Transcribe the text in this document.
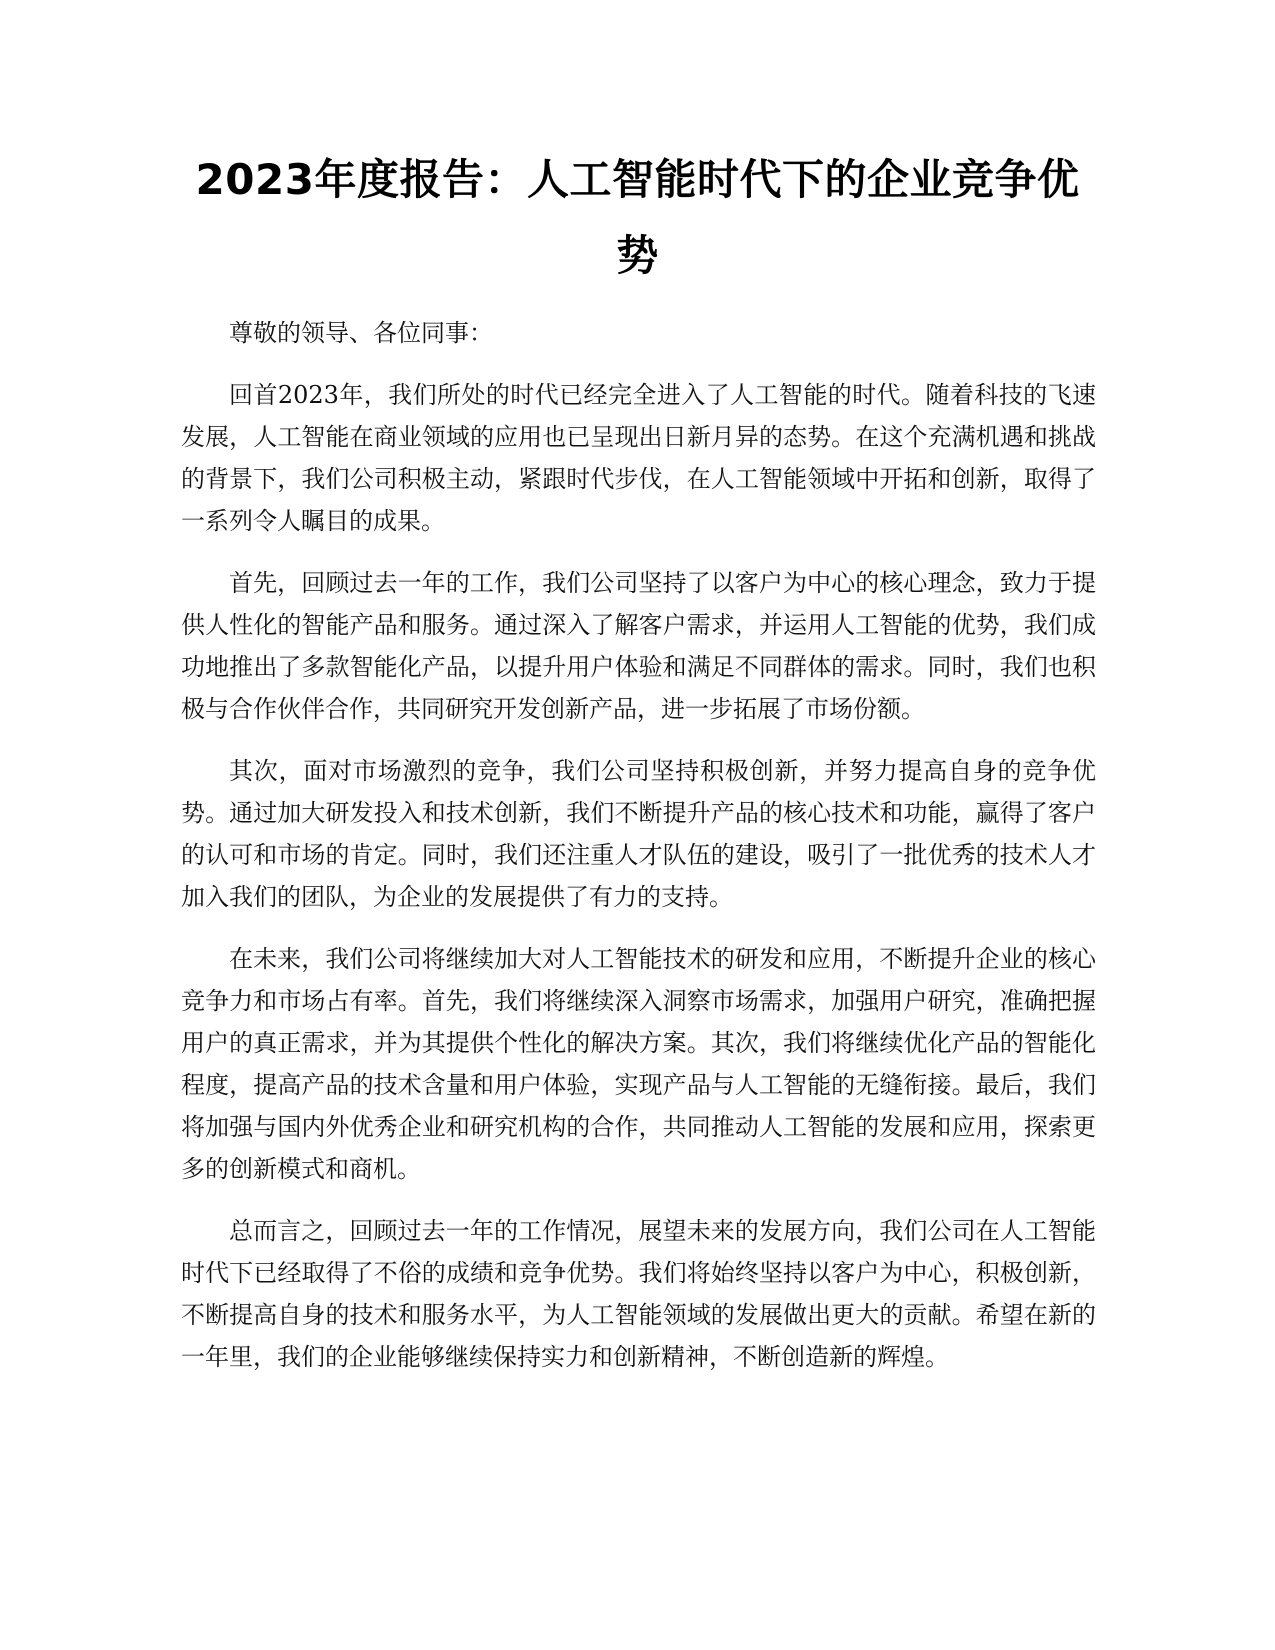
2023年度报告：人工智能时代下的企业竞争优势

尊敬的领导、各位同事：

回首2023年，我们所处的时代已经完全进入了人工智能的时代。随着科技的飞速发展，人工智能在商业领域的应用也已呈现出日新月异的态势。在这个充满机遇和挑战的背景下，我们公司积极主动，紧跟时代步伐，在人工智能领域中开拓和创新，取得了一系列令人瞩目的成果。

首先，回顾过去一年的工作，我们公司坚持了以客户为中心的核心理念，致力于提供人性化的智能产品和服务。通过深入了解客户需求，并运用人工智能的优势，我们成功地推出了多款智能化产品，以提升用户体验和满足不同群体的需求。同时，我们也积极与合作伙伴合作，共同研究开发创新产品，进一步拓展了市场份额。

其次，面对市场激烈的竞争，我们公司坚持积极创新，并努力提高自身的竞争优势。通过加大研发投入和技术创新，我们不断提升产品的核心技术和功能，赢得了客户的认可和市场的肯定。同时，我们还注重人才队伍的建设，吸引了一批优秀的技术人才加入我们的团队，为企业的发展提供了有力的支持。

在未来，我们公司将继续加大对人工智能技术的研发和应用，不断提升企业的核心竞争力和市场占有率。首先，我们将继续深入洞察市场需求，加强用户研究，准确把握用户的真正需求，并为其提供个性化的解决方案。其次，我们将继续优化产品的智能化程度，提高产品的技术含量和用户体验，实现产品与人工智能的无缝衔接。最后，我们将加强与国内外优秀企业和研究机构的合作，共同推动人工智能的发展和应用，探索更多的创新模式和商机。

总而言之，回顾过去一年的工作情况，展望未来的发展方向，我们公司在人工智能时代下已经取得了不俗的成绩和竞争优势。我们将始终坚持以客户为中心，积极创新，不断提高自身的技术和服务水平，为人工智能领域的发展做出更大的贡献。希望在新的一年里，我们的企业能够继续保持实力和创新精神，不断创造新的辉煌。
